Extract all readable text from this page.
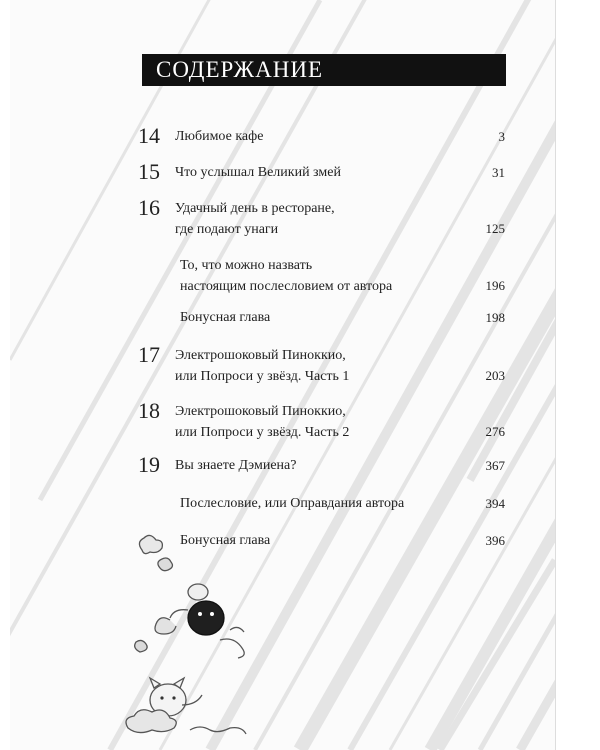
СОДЕРЖАНИЕ
14 Любимое кафе	3
15 Что услышал Великий змей	31
16 Удачный день в ресторане,
где подают унаги	125
То, что можно назвать
настоящим послесловием от автора	196
Бонусная глава	198
17 Электрошоковый Пиноккио,
или Попроси у звёзд. Часть 1	203
18 Электрошоковый Пиноккио,
или Попроси у звёзд. Часть 2	276
19 Вы знаете Дэмиена?	367
Послесловие, или Оправдания автора	394
Бонусная глава	396
